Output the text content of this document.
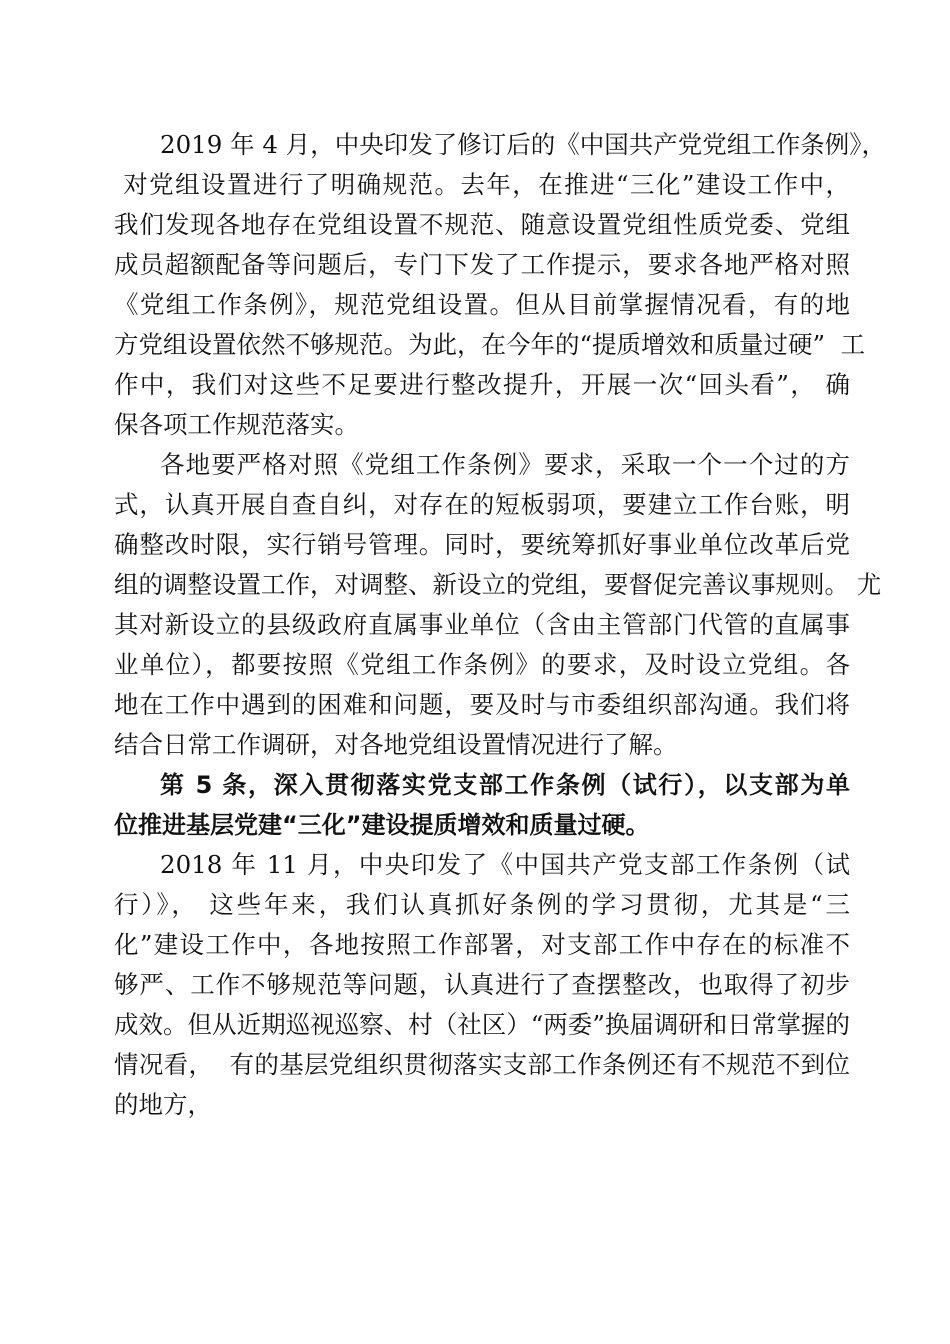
2019 年 4 月，中央印发了修订后的《中国共产党党组工作条例》，
对党组设置进行了明确规范。去年，在推进“三化”建设工作中，
我们发现各地存在党组设置不规范、随意设置党组性质党委、党组
成员超额配备等问题后，专门下发了工作提示，要求各地严格对照
《党组工作条例》，规范党组设置。但从目前掌握情况看，有的地
方党组设置依然不够规范。为此，在今年的“提质增效和质量过硬”  工
作中，我们对这些不足要进行整改提升，开展一次“回头看”， 确
保各项工作规范落实。
各地要严格对照《党组工作条例》要求，采取一个一个过的方
式，认真开展自查自纠，对存在的短板弱项，要建立工作台账，明
确整改时限，实行销号管理。同时，要统筹抓好事业单位改革后党
组的调整设置工作，对调整、新设立的党组，要督促完善议事规则。 尤
其对新设立的县级政府直属事业单位（含由主管部门代管的直属事
业单位），都要按照《党组工作条例》的要求，及时设立党组。各
地在工作中遇到的困难和问题，要及时与市委组织部沟通。我们将
结合日常工作调研，对各地党组设置情况进行了解。
第 5 条，深入贯彻落实党支部工作条例（试行），以支部为单
位推进基层党建“三化”建设提质增效和质量过硬。
2018 年 11 月，中央印发了《中国共产党支部工作条例（试
行）》， 这些年来，我们认真抓好条例的学习贯彻，尤其是“三
化”建设工作中，各地按照工作部署，对支部工作中存在的标准不
够严、工作不够规范等问题，认真进行了查摆整改，也取得了初步
成效。但从近期巡视巡察、村（社区）“两委”换届调研和日常掌握的
情况看，  有的基层党组织贯彻落实支部工作条例还有不规范不到位
的地方，
